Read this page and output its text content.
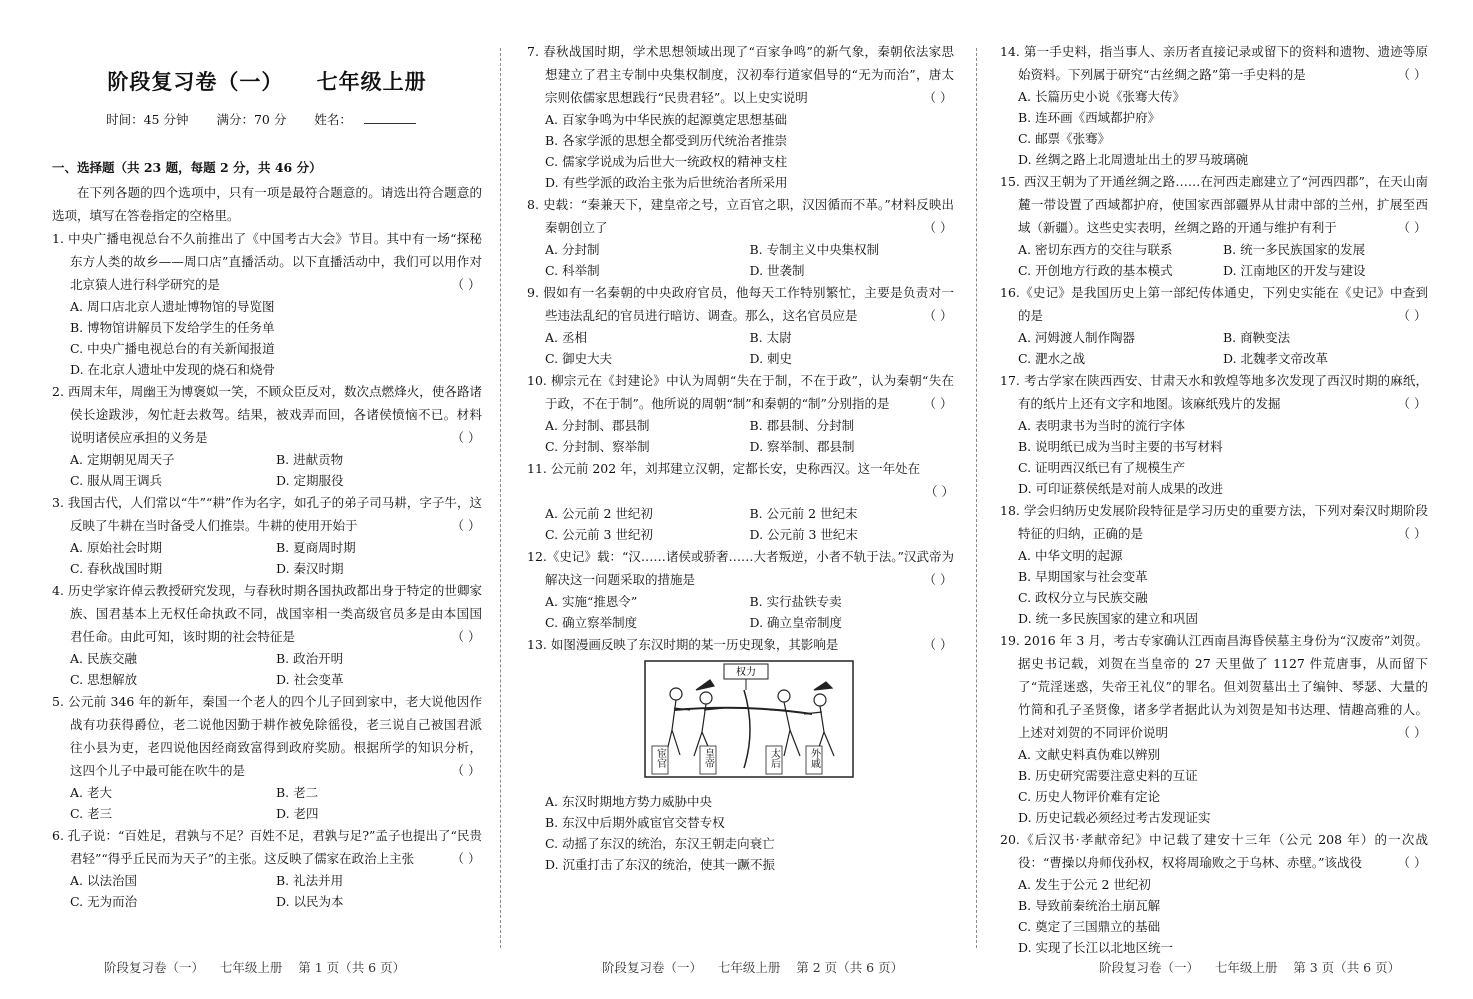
阶段复习卷（一）    七年级上册
时间：45 分钟 满分：70 分 姓名：
一、选择题（共 23 题，每题 2 分，共 46 分）
在下列各题的四个选项中，只有一项是最符合题意的。请选出符合题意的选项，填写在答卷指定的空格里。
1. 中央广播电视总台不久前推出了《中国考古大会》节目。其中有一场“探秘东方人类的故乡——周口店”直播活动。以下直播活动中，我们可以用作对北京猿人进行科学研究的是	（ ）
A. 周口店北京人遗址博物馆的导览图
B. 博物馆讲解员下发给学生的任务单
C. 中央广播电视总台的有关新闻报道
D. 在北京人遗址中发现的烧石和烧骨
2. 西周末年，周幽王为博褒姒一笑，不顾众臣反对，数次点燃烽火，使各路诸侯长途跋涉，匆忙赶去救驾。结果，被戏弄而回，各诸侯愤恼不已。材料说明诸侯应承担的义务是	（ ）
A. 定期朝见周天子	B. 进献贡物
C. 服从周王调兵	D. 定期服役
3. 我国古代，人们常以“牛”“耕”作为名字，如孔子的弟子司马耕，字子牛，这反映了牛耕在当时备受人们推崇。牛耕的使用开始于	（ ）
A. 原始社会时期	B. 夏商周时期
C. 春秋战国时期	D. 秦汉时期
4. 历史学家许倬云教授研究发现，与春秋时期各国执政都出身于特定的世卿家族、国君基本上无权任命执政不同，战国宰相一类高级官员多是由本国国君任命。由此可知，该时期的社会特征是	（ ）
A. 民族交融	B. 政治开明
C. 思想解放	D. 社会变革
5. 公元前 346 年的新年，秦国一个老人的四个儿子回到家中，老大说他因作战有功获得爵位，老二说他因勤于耕作被免除徭役，老三说自己被国君派往小县为吏，老四说他因经商致富得到政府奖励。根据所学的知识分析，这四个儿子中最可能在吹牛的是	（ ）
A. 老大	B. 老二
C. 老三	D. 老四
6. 孔子说：“百姓足，君孰与不足？百姓不足，君孰与足?”孟子也提出了“民贵君轻”“得乎丘民而为天子”的主张。这反映了儒家在政治上主张	（ ）
A. 以法治国	B. 礼法并用
C. 无为而治	D. 以民为本
7. 春秋战国时期，学术思想领域出现了“百家争鸣”的新气象，秦朝依法家思想建立了君主专制中央集权制度，汉初奉行道家倡导的“无为而治”，唐太宗则依儒家思想践行“民贵君轻”。以上史实说明	（ ）
A. 百家争鸣为中华民族的起源奠定思想基础
B. 各家学派的思想全都受到历代统治者推崇
C. 儒家学说成为后世大一统政权的精神支柱
D. 有些学派的政治主张为后世统治者所采用
8. 史载：“秦兼天下，建皇帝之号，立百官之职，汉因循而不革。”材料反映出秦朝创立了	（ ）
A. 分封制	B. 专制主义中央集权制
C. 科举制	D. 世袭制
9. 假如有一名秦朝的中央政府官员，他每天工作特别繁忙，主要是负责对一些违法乱纪的官员进行暗访、调查。那么，这名官员应是	（ ）
A. 丞相	B. 太尉
C. 御史大夫	D. 刺史
10. 柳宗元在《封建论》中认为周朝“失在于制，不在于政”，认为秦朝“失在于政，不在于制”。他所说的周朝“制”和秦朝的“制”分别指的是	（ ）
A. 分封制、郡县制	B. 郡县制、分封制
C. 分封制、察举制	D. 察举制、郡县制
11. 公元前 202 年，刘邦建立汉朝，定都长安，史称西汉。这一年处在
（ ）
A. 公元前 2 世纪初	B. 公元前 2 世纪末
C. 公元前 3 世纪初	D. 公元前 3 世纪末
12.《史记》载：“汉……诸侯或骄奢……大者叛逆，小者不轨于法。”汉武帝为解决这一问题采取的措施是	（ ）
A. 实施“推恩令”	B. 实行盐铁专卖
C. 确立察举制度	D. 确立皇帝制度
13. 如图漫画反映了东汉时期的某一历史现象，其影响是	（ ）
权力
宦官	皇帝	太后	外戚
A. 东汉时期地方势力威胁中央
B. 东汉中后期外戚宦官交替专权
C. 动摇了东汉的统治，东汉王朝走向衰亡
D. 沉重打击了东汉的统治，使其一蹶不振
14. 第一手史料，指当事人、亲历者直接记录或留下的资料和遗物、遗迹等原始资料。下列属于研究“古丝绸之路”第一手史料的是	（ ）
A. 长篇历史小说《张骞大传》
B. 连环画《西域都护府》
C. 邮票《张骞》
D. 丝绸之路上北周遗址出土的罗马玻璃碗
15. 西汉王朝为了开通丝绸之路……在河西走廊建立了“河西四郡”，在天山南麓一带设置了西域都护府，使国家西部疆界从甘肃中部的兰州，扩展至西域（新疆）。这些史实表明，丝绸之路的开通与维护有利于	（ ）
A. 密切东西方的交往与联系	B. 统一多民族国家的发展
C. 开创地方行政的基本模式	D. 江南地区的开发与建设
16.《史记》是我国历史上第一部纪传体通史，下列史实能在《史记》中查到的是	（ ）
A. 河姆渡人制作陶器	B. 商鞅变法
C. 淝水之战	D. 北魏孝文帝改革
17. 考古学家在陕西西安、甘肃天水和敦煌等地多次发现了西汉时期的麻纸，有的纸片上还有文字和地图。该麻纸残片的发掘	（ ）
A. 表明隶书为当时的流行字体
B. 说明纸已成为当时主要的书写材料
C. 证明西汉纸已有了规模生产
D. 可印证蔡侯纸是对前人成果的改进
18. 学会归纳历史发展阶段特征是学习历史的重要方法，下列对秦汉时期阶段特征的归纳，正确的是	（ ）
A. 中华文明的起源
B. 早期国家与社会变革
C. 政权分立与民族交融
D. 统一多民族国家的建立和巩固
19. 2016 年 3 月，考古专家确认江西南昌海昏侯墓主身份为“汉废帝”刘贺。据史书记载，刘贺在当皇帝的 27 天里做了 1127 件荒唐事，从而留下了“荒淫迷惑，失帝王礼仪”的罪名。但刘贺墓出土了编钟、琴瑟、大量的竹简和孔子圣贤像，诸多学者据此认为刘贺是知书达理、情趣高雅的人。上述对刘贺的不同评价说明	（ ）
A. 文献史料真伪难以辨别
B. 历史研究需要注意史料的互证
C. 历史人物评价难有定论
D. 历史记载必须经过考古发现证实
20.《后汉书·孝献帝纪》中记载了建安十三年（公元 208 年）的一次战役：“曹操以舟师伐孙权，权将周瑜败之于乌林、赤壁。”该战役	（ ）
A. 发生于公元 2 世纪初
B. 导致前秦统治土崩瓦解
C. 奠定了三国鼎立的基础
D. 实现了长江以北地区统一
阶段复习卷（一）    七年级上册    第 1 页（共 6 页）	阶段复习卷（一）    七年级上册    第 2 页（共 6 页）	阶段复习卷（一）    七年级上册    第 3 页（共 6 页）
